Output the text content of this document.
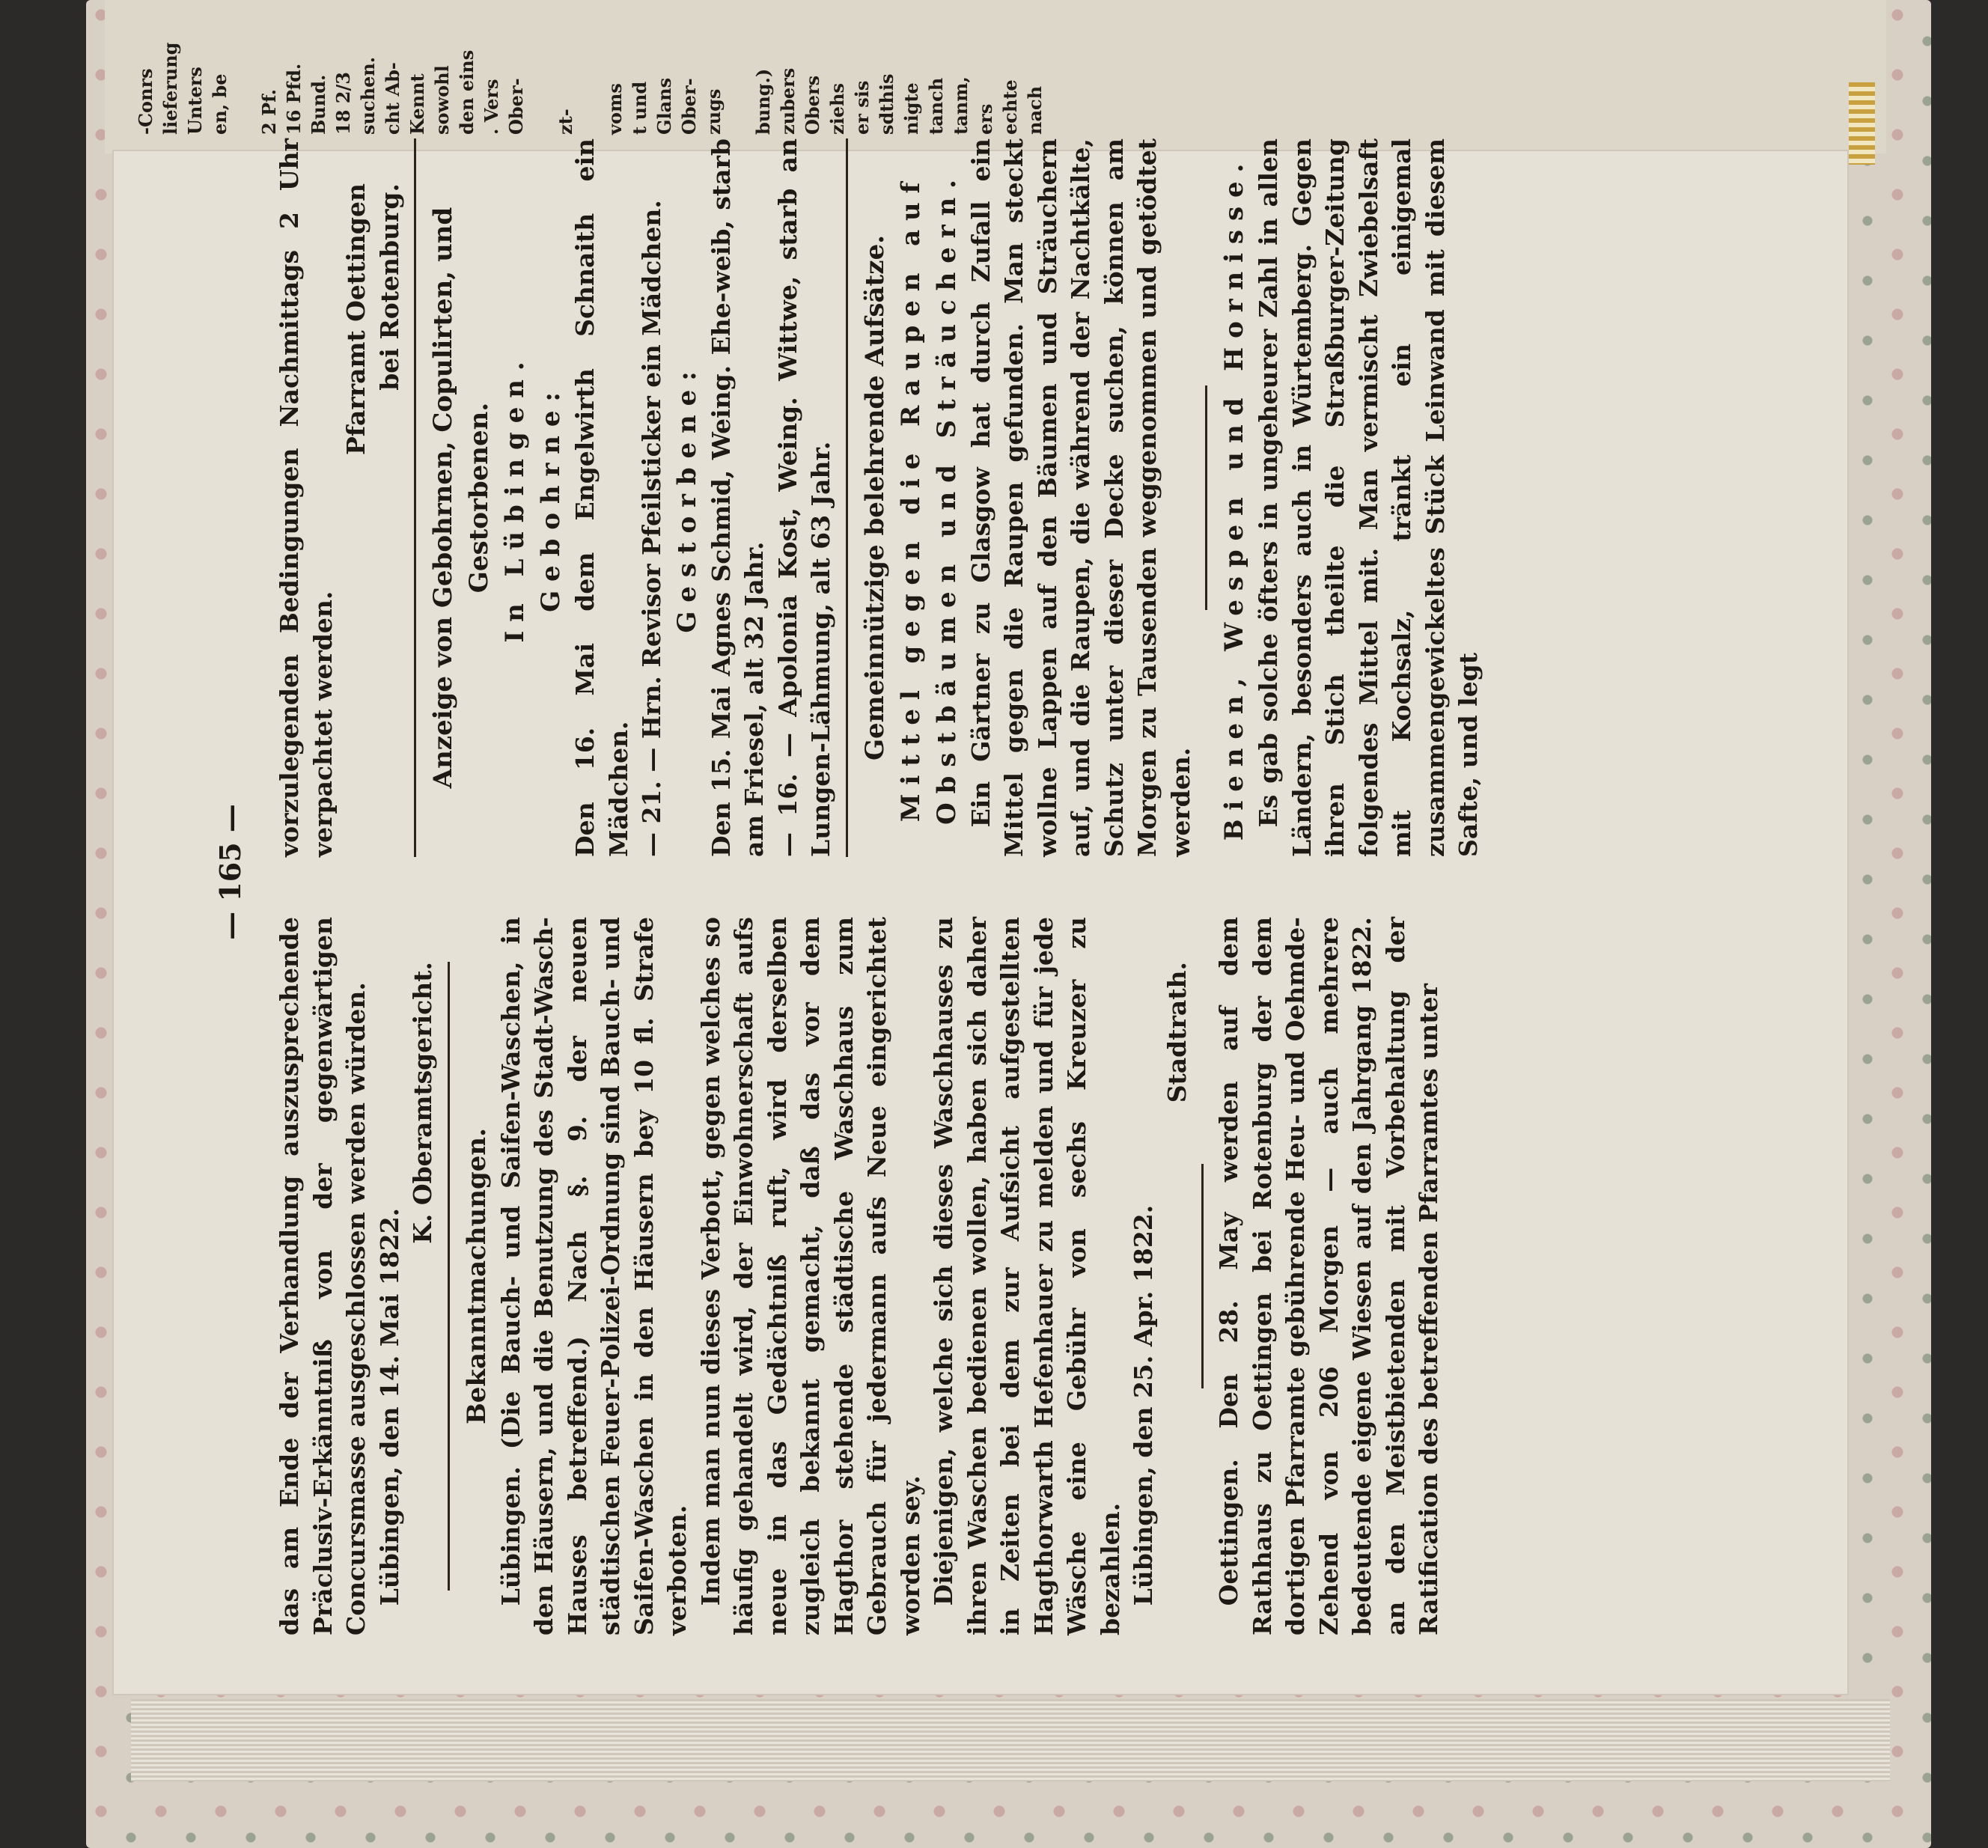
-Conrs lieferung Unters en, be 2 Pf. 16 Pfd. Bund. 18 2/3 suchen. cht Ab- Kennt sowohl den eins . Vers Ober- zt- voms t und Glans Ober- zugs bung.) zubers Obers ziehs er sis sdthis nigte tanch tanm, ers echte nach
— 165 —

das am Ende der Verhandlung auszusprechende Präclusiv-Erkänntniß von der gegenwärtigen Concursmasse ausgeschlossen werden würden. Lübingen, den 14. Mai 1822.

K. Oberamtsgericht.

Bekanntmachungen. Lübingen. (Die Bauch- und Saifen-Waschen, in den Häusern, und die Benutzung des Stadt-Wasch-Hauses betreffend.) Nach §. 9. der neuen städtischen Feuer-Polizei-Ordnung sind Bauch- und Saifen-Waschen in den Häusern bey 10 fl. Strafe verboten. Indem man nun dieses Verbott, gegen welches so häufig gehandelt wird, der Einwohnerschaft aufs neue in das Gedächtniß ruft, wird derselben zugleich bekannt gemacht, daß das vor dem Hagthor stehende städtische Waschhaus zum Gebrauch für jedermann aufs Neue eingerichtet worden sey. Diejenigen, welche sich dieses Waschhauses zu ihren Waschen bedienen wollen, haben sich daher in Zeiten bei dem zur Aufsicht aufgestellten Hagthorwarth Hefenhauer zu melden und für jede Wäsche eine Gebühr von sechs Kreuzer zu bezahlen. Lübingen, den 25. Apr. 1822.

Stadtrath. Oettingen. Den 28. May werden auf dem Rathhaus zu Oettingen bei Rotenburg der dem dortigen Pfarramte gebührende Heu- und Oehmde-Zehend von 206 Morgen — auch mehrere bedeutende eigene Wiesen auf den Jahrgang 1822. an den Meistbietenden mit Vorbehaltung der Ratification des betreffenden Pfarramtes unter

vorzulegenden Bedingungen Nachmittags 2 Uhr verpachtet werden.

Pfarramt Oettingen bei Rotenburg. Anzeige von Gebohrnen, Copulirten, und Gestorbenen. In Lübingen. Gebohrne: Den 16. Mai dem Engelwirth Schnaith ein Mädchen. — 21. — Hrn. Revisor Pfeilsticker ein Mädchen. Gestorbene: Den 15. Mai Agnes Schmid, Weing. Ehe-weib, starb am Friesel, alt 32 Jahr. — 16. — Apolonia Kost, Weing. Wittwe, starb an Lungen-Lähmung, alt 63 Jahr. Gemeinnützige belehrende Aufsätze. Mittel gegen die Raupen auf Obstbäumen und Sträuchern. Ein Gärtner zu Glasgow hat durch Zufall ein Mittel gegen die Raupen gefunden. Man steckt wollne Lappen auf den Bäumen und Sträuchern auf, und die Raupen, die während der Nachtkälte, Schutz unter dieser Decke suchen, können am Morgen zu Tausenden weggenommen und getödtet werden. Bienen, Wespen und Hornisse. Es gab solche öfters in ungeheurer Zahl in allen Ländern, besonders auch in Würtemberg. Gegen ihren Stich theilte die Straßburger-Zeitung folgendes Mittel mit. Man vermischt Zwiebelsaft mit Kochsalz, tränkt ein einigemal zusammengewickeltes Stück Leinwand mit diesem Safte, und legt
